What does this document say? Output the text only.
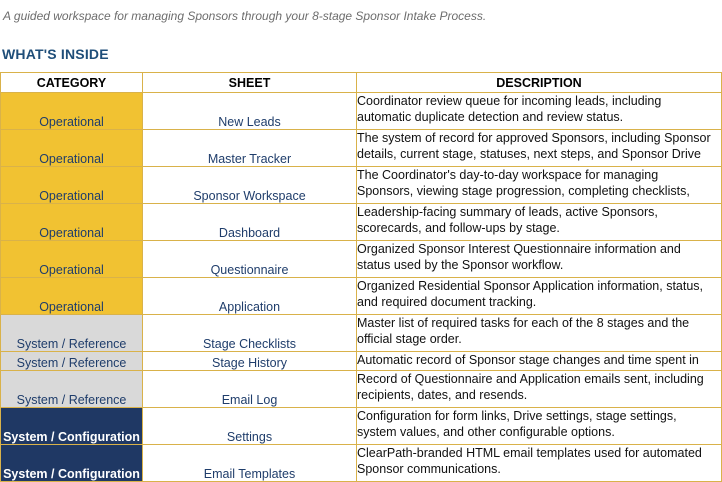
A guided workspace for managing Sponsors through your 8-stage Sponsor Intake Process.
WHAT'S INSIDE
CATEGORY	SHEET	DESCRIPTION
Operational	New Leads	Coordinator review queue for incoming leads, including
automatic duplicate detection and review status.

Operational	Master Tracker	The system of record for approved Sponsors, including Sponsor
details, current stage, statuses, next steps, and Sponsor Drive

Operational	Sponsor Workspace	The Coordinator's day-to-day workspace for managing
Sponsors, viewing stage progression, completing checklists,

Operational	Dashboard	Leadership-facing summary of leads, active Sponsors,
scorecards, and follow-ups by stage.

Operational	Questionnaire	Organized Sponsor Interest Questionnaire information and
status used by the Sponsor workflow.

Operational	Application	Organized Residential Sponsor Application information, status,
and required document tracking.

System / Reference	Stage Checklists	Master list of required tasks for each of the 8 stages and the
official stage order.

System / Reference	Stage History	Automatic record of Sponsor stage changes and time spent in

System / Reference	Email Log	Record of Questionnaire and Application emails sent, including
recipients, dates, and resends.

System / Configuration	Settings	Configuration for form links, Drive settings, stage settings,
system values, and other configurable options.

System / Configuration	Email Templates	ClearPath-branded HTML email templates used for automated
Sponsor communications.
